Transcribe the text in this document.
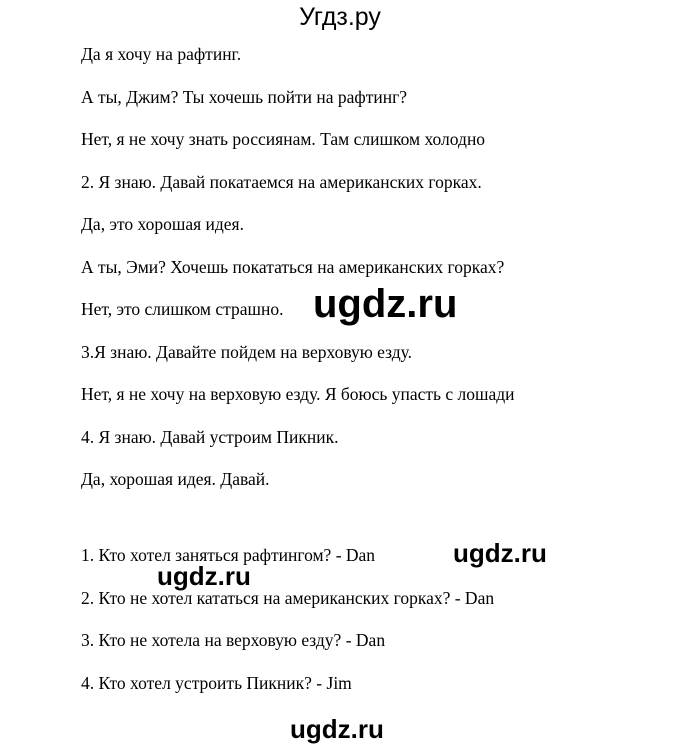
Угдз.ру
Да я хочу на рафтинг.
А ты, Джим? Ты хочешь пойти на рафтинг?
Нет, я не хочу знать россиянам. Там слишком холодно
2. Я знаю. Давай покатаемся на американских горках.
Да, это хорошая идея.
А ты, Эми? Хочешь покататься на американских горках?
Нет, это слишком страшно.
3.Я знаю. Давайте пойдем на верховую езду.
Нет, я не хочу на верховую езду. Я боюсь упасть с лошади
4. Я знаю. Давай устроим Пикник.
Да, хорошая идея. Давай.
1. Кто хотел заняться рафтингом? - Dan
2. Кто не хотел кататься на американских горках? - Dan
3. Кто не хотела на верховую езду? - Dan
4. Кто хотел устроить Пикник? - Jim
ugdz.ru
ugdz.ru
ugdz.ru
ugdz.ru
